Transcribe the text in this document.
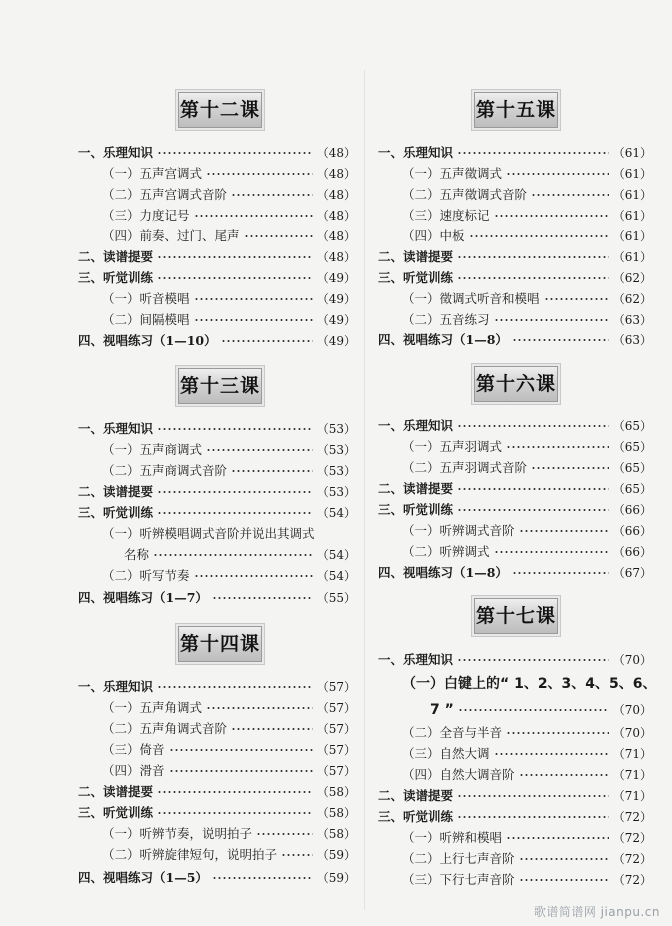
第十二课
一、乐理知识	（48）
（一）五声宫调式	（48）
（二）五声宫调式音阶	（48）
（三）力度记号	（48）
（四）前奏、过门、尾声	（48）
二、读谱提要	（48）
三、听觉训练	（49）
（一）听音模唱	（49）
（二）间隔模唱	（49）
四、视唱练习（1—10）	（49）
第十三课
一、乐理知识	（53）
（一）五声商调式	（53）
（二）五声商调式音阶	（53）
二、读谱提要	（53）
三、听觉训练	（54）
（一）听辨模唱调式音阶并说出其调式
名称	（54）
（二）听写节奏	（54）
四、视唱练习（1—7）	（55）
第十四课
一、乐理知识	（57）
（一）五声角调式	（57）
（二）五声角调式音阶	（57）
（三）倚音	（57）
（四）滑音	（57）
二、读谱提要	（58）
三、听觉训练	（58）
（一）听辨节奏，说明拍子	（58）
（二）听辨旋律短句，说明拍子	（59）
四、视唱练习（1—5）	（59）
第十五课
一、乐理知识	（61）
（一）五声徵调式	（61）
（二）五声徵调式音阶	（61）
（三）速度标记	（61）
（四）中板	（61）
二、读谱提要	（61）
三、听觉训练	（62）
（一）徵调式听音和模唱	（62）
（二）五音练习	（63）
四、视唱练习（1—8）	（63）
第十六课
一、乐理知识	（65）
（一）五声羽调式	（65）
（二）五声羽调式音阶	（65）
二、读谱提要	（65）
三、听觉训练	（66）
（一）听辨调式音阶	（66）
（二）听辨调式	（66）
四、视唱练习（1—8）	（67）
第十七课
一、乐理知识	（70）
（一）白键上的“ 1、2、3、4、5、6、
7 ”	（70）
（二）全音与半音	（70）
（三）自然大调	（71）
（四）自然大调音阶	（71）
二、读谱提要	（71）
三、听觉训练	（72）
（一）听辨和模唱	（72）
（二）上行七声音阶	（72）
（三）下行七声音阶	（72）
歌谱简谱网 jianpu.cn
